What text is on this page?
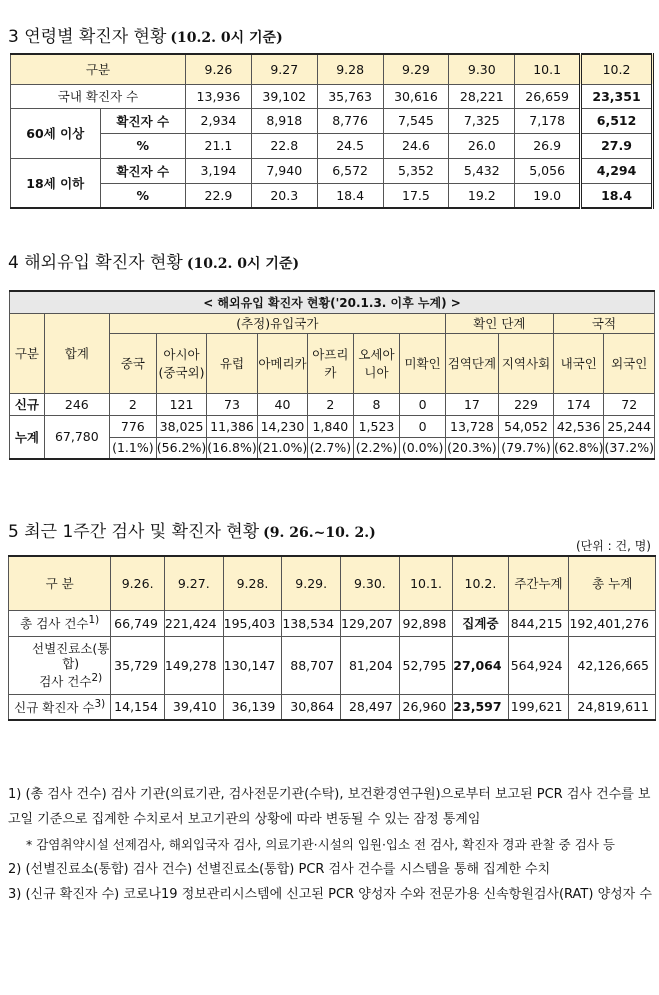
3 연령별 확진자 현황 (10.2. 0시 기준)
구분		9.26	9.27	9.28	9.29	9.30	10.1	10.2
국내 확진자 수		13,936	39,102	35,763	30,616	28,221	26,659	23,351
60세 이상	확진자 수	2,934	8,918	8,776	7,545	7,325	7,178	6,512
	%	21.1	22.8	24.5	24.6	26.0	26.9	27.9
18세 이하	확진자 수	3,194	7,940	6,572	5,352	5,432	5,056	4,294
	%	22.9	20.3	18.4	17.5	19.2	19.0	18.4
4 해외유입 확진자 현황 (10.2. 0시 기준)
< 해외유입 확진자 현황('20.1.3. 이후 누계) >												
구분	합계	(추정)유입국가							확인 단계		국적	
		중국	아시아(중국외)	유럽	아메리카	아프리카	오세아니아	미확인	검역단계	지역사회	내국인	외국인
신규	246	2	121	73	40	2	8	0	17	229	174	72
누계	67,780	776	38,025	11,386	14,230	1,840	1,523	0	13,728	54,052	42,536	25,244
		(1.1%)	(56.2%)	(16.8%)	(21.0%)	(2.7%)	(2.2%)	(0.0%)	(20.3%)	(79.7%)	(62.8%)	(37.2%)
5 최근 1주간 검사 및 확진자 현황 (9. 26.~10. 2.)
(단위 : 건, 명)
구 분	9.26.	9.27.	9.28.	9.29.	9.30.	10.1.	10.2.	주간누계	총 누계
총 검사 건수$^{1)}$	66,749	221,424	195,403	138,534	129,207	92,898	집계중	844,215	192,401,276
선별진료소(통합)
검사 건수$^{2)}$	35,729	149,278	130,147	88,707	81,204	52,795	27,064	564,924	42,126,665
신규 확진자 수$^{3)}$	14,154	39,410	36,139	30,864	28,497	26,960	23,597	199,621	24,819,611

1) (총 검사 건수) 검사 기관(의료기관, 검사전문기관(수탁), 보건환경연구원)으로부터 보고된 PCR 검사 건수를 보고일 기준으로 집계한 수치로서 보고기관의 상황에 따라 변동될 수 있는 잠정 통계임

* 감염취약시설 선제검사, 해외입국자 검사, 의료기관·시설의 입원·입소 전 검사, 확진자 경과 관찰 중 검사 등

2) (선별진료소(통합) 검사 건수) 선별진료소(통합) PCR 검사 건수를 시스템을 통해 집계한 수치

3) (신규 확진자 수) 코로나19 정보관리시스템에 신고된 PCR 양성자 수와 전문가용 신속항원검사(RAT) 양성자 수
